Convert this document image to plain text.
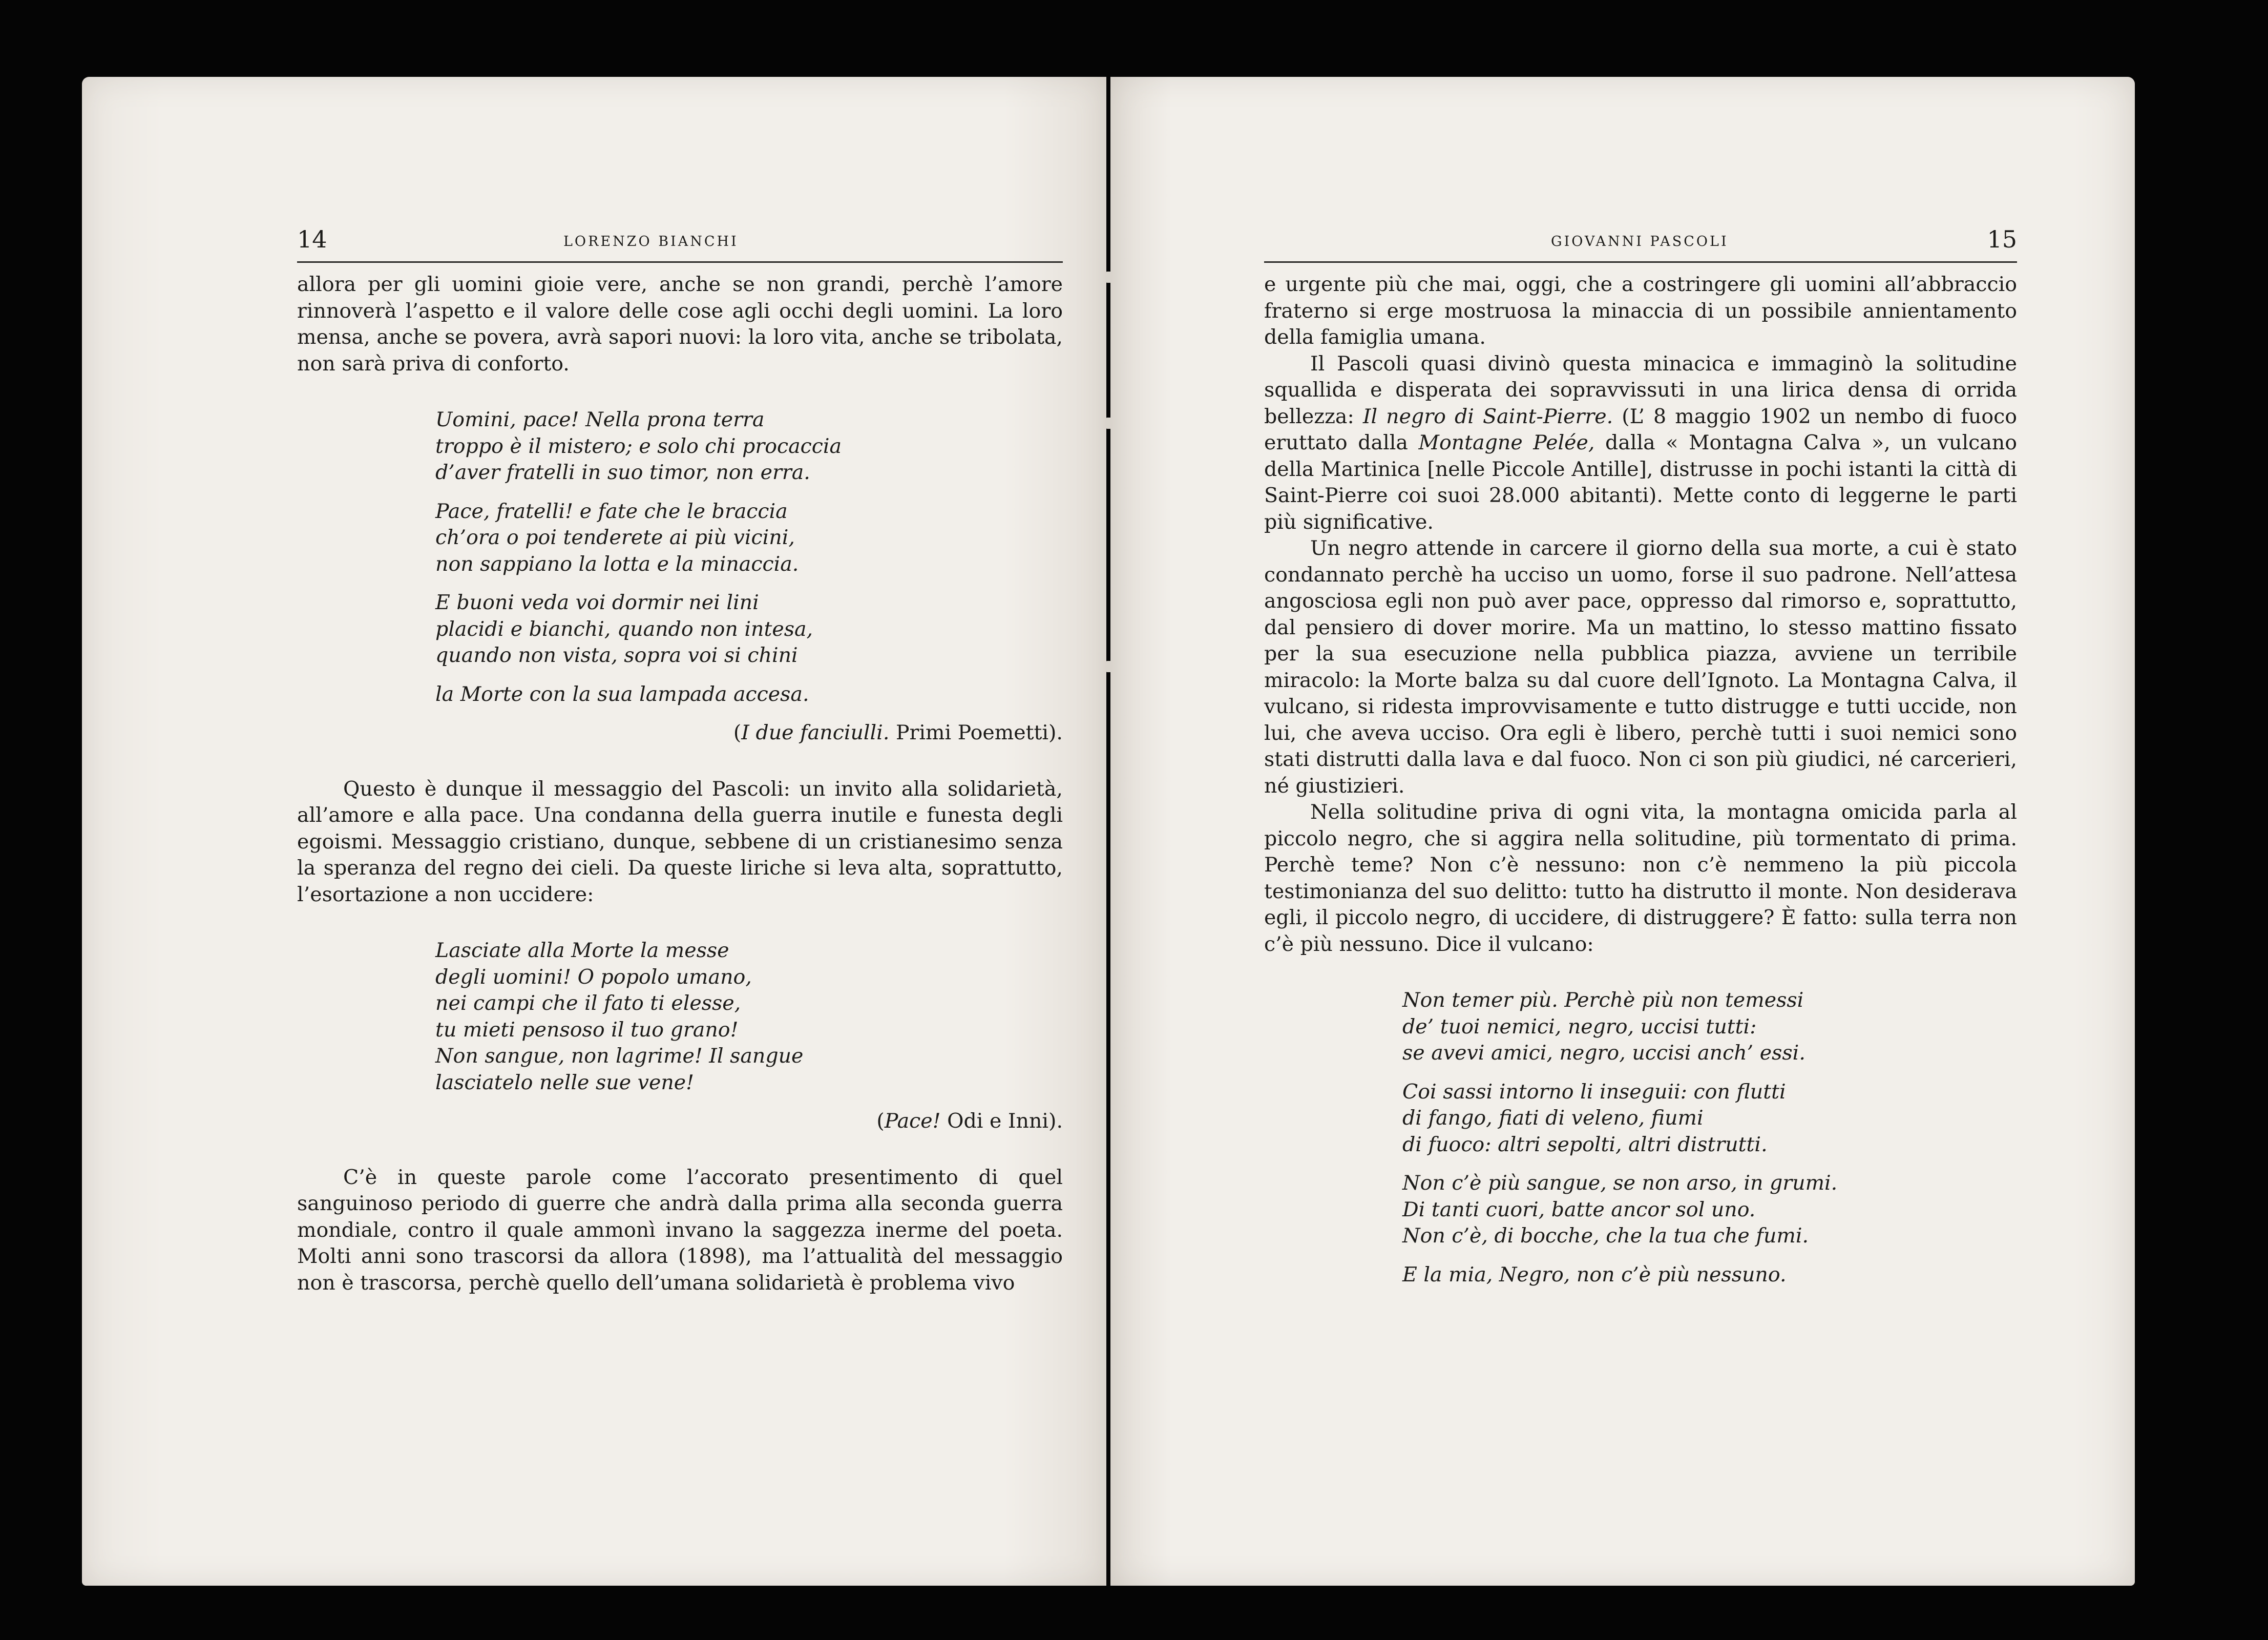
14	LORENZO BIANCHI

allora per gli uomini gioie vere, anche se non grandi, perchè l’amore rinnoverà l’aspetto e il valore delle cose agli occhi degli uomini. La loro mensa, anche se povera, avrà sapori nuovi: la loro vita, anche se tribolata, non sarà priva di conforto.

Uomini, pace! Nella prona terra
troppo è il mistero; e solo chi procaccia
d’aver fratelli in suo timor, non erra.
Pace, fratelli! e fate che le braccia
ch’ora o poi tenderete ai più vicini,
non sappiano la lotta e la minaccia.
E buoni veda voi dormir nei lini
placidi e bianchi, quando non intesa,
quando non vista, sopra voi si chini
la Morte con la sua lampada accesa.
(I due fanciulli. Primi Poemetti).

Questo è dunque il messaggio del Pascoli: un invito alla solidarietà, all’amore e alla pace. Una condanna della guerra inutile e funesta degli egoismi. Messaggio cristiano, dunque, sebbene di un cristianesimo senza la speranza del regno dei cieli. Da queste liriche si leva alta, soprattutto, l’esortazione a non uccidere:

Lasciate alla Morte la messe
degli uomini! O popolo umano,
nei campi che il fato ti elesse,
tu mieti pensoso il tuo grano!
Non sangue, non lagrime! Il sangue
lasciatelo nelle sue vene!
(Pace! Odi e Inni).

C’è in queste parole come l’accorato presentimento di quel sanguinoso periodo di guerre che andrà dalla prima alla seconda guerra mondiale, contro il quale ammonì invano la saggezza inerme del poeta. Molti anni sono trascorsi da allora (1898), ma l’attualità del messaggio non è trascorsa, perchè quello dell’umana solidarietà è problema vivo

GIOVANNI PASCOLI	15

e urgente più che mai, oggi, che a costringere gli uomini all’abbraccio fraterno si erge mostruosa la minaccia di un possibile annientamento della famiglia umana.

Il Pascoli quasi divinò questa minacica e immaginò la solitudine squallida e disperata dei sopravvissuti in una lirica densa di orrida bellezza: Il negro di Saint-Pierre. (L’ 8 maggio 1902 un nembo di fuoco eruttato dalla Montagne Pelée, dalla « Montagna Calva », un vulcano della Martinica [nelle Piccole Antille], distrusse in pochi istanti la città di Saint-Pierre coi suoi 28.000 abitanti). Mette conto di leggerne le parti più significative.

Un negro attende in carcere il giorno della sua morte, a cui è stato condannato perchè ha ucciso un uomo, forse il suo padrone. Nell’attesa angosciosa egli non può aver pace, oppresso dal rimorso e, soprattutto, dal pensiero di dover morire. Ma un mattino, lo stesso mattino fissato per la sua esecuzione nella pubblica piazza, avviene un terribile miracolo: la Morte balza su dal cuore dell’Ignoto. La Montagna Calva, il vulcano, si ridesta improvvisamente e tutto distrugge e tutti uccide, non lui, che aveva ucciso. Ora egli è libero, perchè tutti i suoi nemici sono stati distrutti dalla lava e dal fuoco. Non ci son più giudici, né carcerieri, né giustizieri.

Nella solitudine priva di ogni vita, la montagna omicida parla al piccolo negro, che si aggira nella solitudine, più tormentato di prima. Perchè teme? Non c’è nessuno: non c’è nemmeno la più piccola testimonianza del suo delitto: tutto ha distrutto il monte. Non desiderava egli, il piccolo negro, di uccidere, di distruggere? È fatto: sulla terra non c’è più nessuno. Dice il vulcano:

Non temer più. Perchè più non temessi
de’ tuoi nemici, negro, uccisi tutti:
se avevi amici, negro, uccisi anch’ essi.
Coi sassi intorno li inseguii: con flutti
di fango, fiati di veleno, fiumi
di fuoco: altri sepolti, altri distrutti.
Non c’è più sangue, se non arso, in grumi.
Di tanti cuori, batte ancor sol uno.
Non c’è, di bocche, che la tua che fumi.
E la mia, Negro, non c’è più nessuno.
